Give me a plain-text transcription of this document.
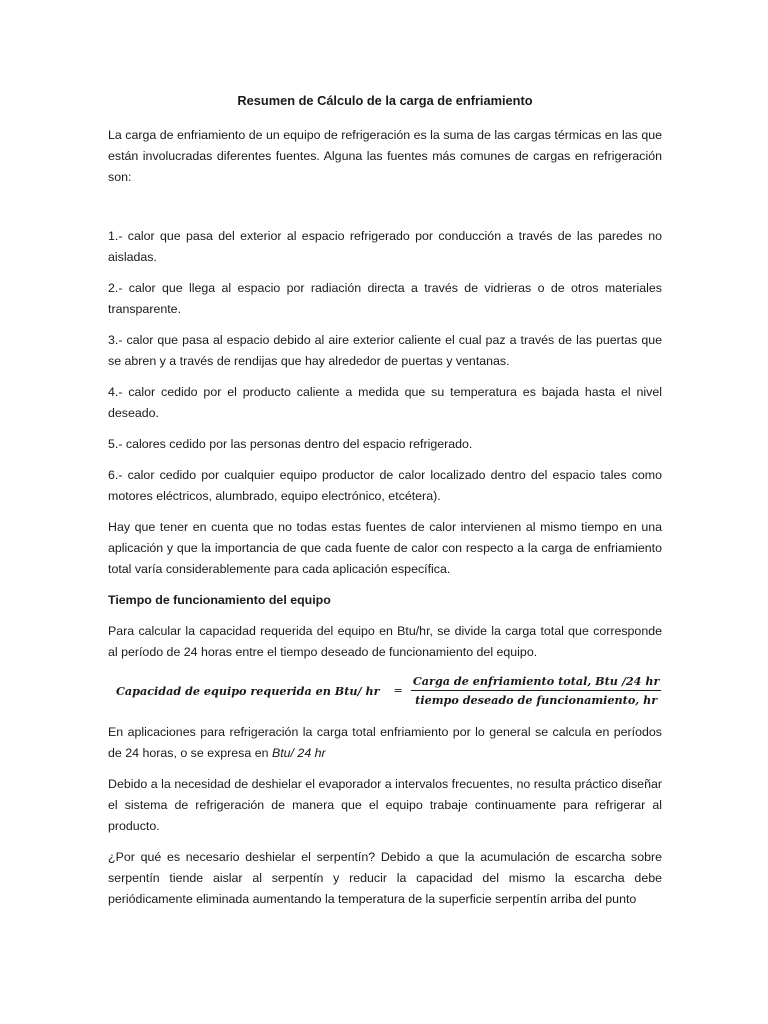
Resumen de Cálculo de la carga de enfriamiento

La carga de enfriamiento de un equipo de refrigeración es la suma de las cargas térmicas en las que están involucradas diferentes fuentes. Alguna las fuentes más comunes de cargas en refrigeración son:

1.- calor que pasa del exterior al espacio refrigerado por conducción a través de las paredes no aisladas.

2.- calor que llega al espacio por radiación directa a través de vidrieras o de otros materiales transparente.

3.- calor que pasa al espacio debido al aire exterior caliente el cual paz a través de las puertas que se abren y a través de rendijas que hay alrededor de puertas y ventanas.

4.- calor cedido por el producto caliente a medida que su temperatura es bajada hasta el nivel deseado.

5.- calores cedido por las personas dentro del espacio refrigerado.

6.- calor cedido por cualquier equipo productor de calor localizado dentro del espacio tales como motores eléctricos, alumbrado, equipo electrónico, etcétera).

Hay que tener en cuenta que no todas estas fuentes de calor intervienen al mismo tiempo en una aplicación y que la importancia de que cada fuente de calor con respecto a la carga de enfriamiento total varía considerablemente para cada aplicación específica.

Tiempo de funcionamiento del equipo

Para calcular la capacidad requerida del equipo en Btu/hr, se divide la carga total que corresponde al período de 24 horas entre el tiempo deseado de funcionamiento del equipo.

Capacidad de equipo requerida en Btu/ hr = $\frac{\text{Carga de enfriamiento total, Btu /24 hr}}{\text{tiempo deseado de funcionamiento, hr}}$

En aplicaciones para refrigeración la carga total enfriamiento por lo general se calcula en períodos de 24 horas, o se expresa en Btu/ 24 hr

Debido a la necesidad de deshielar el evaporador a intervalos frecuentes, no resulta práctico diseñar el sistema de refrigeración de manera que el equipo trabaje continuamente para refrigerar al producto.

¿Por qué es necesario deshielar el serpentín? Debido a que la acumulación de escarcha sobre serpentín tiende aislar al serpentín y reducir la capacidad del mismo la escarcha debe periódicamente eliminada aumentando la temperatura de la superficie serpentín arriba del punto
